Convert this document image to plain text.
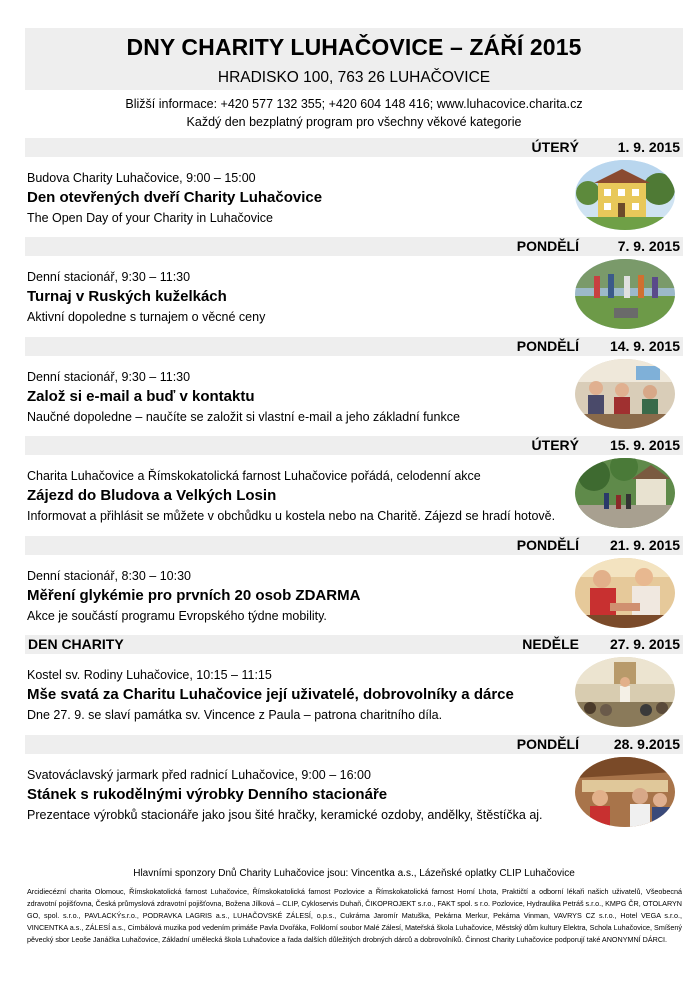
DNY CHARITY LUHAČOVICE – ZÁŘÍ 2015
HRADISKO 100, 763 26 LUHAČOVICE
Bližší informace: +420 577 132 355; +420 604 148 416; www.luhacovice.charita.cz
Každý den bezplatný program pro všechny věkové kategorie
ÚTERÝ	1. 9. 2015
Budova Charity Luhačovice, 9:00 – 15:00
Den otevřených dveří Charity Luhačovice
The Open Day of your Charity in Luhačovice
PONDĚLÍ	7. 9. 2015
Denní stacionář, 9:30 – 11:30
Turnaj v Ruských kuželkách
Aktivní dopoledne s turnajem o věcné ceny
PONDĚLÍ 14. 9. 2015
Denní stacionář, 9:30 – 11:30
Založ si e-mail a buď v kontaktu
Naučné dopoledne – naučíte se založit si vlastní e-mail a jeho základní funkce
ÚTERÝ 15. 9. 2015
Charita Luhačovice a Římskokatolická farnost Luhačovice pořádá, celodenní akce
Zájezd do Bludova a Velkých Losin
Informovat a přihlásit se můžete v obchůdku u kostela nebo na Charitě. Zájezd se hradí hotově.
PONDĚLÍ 21. 9. 2015
Denní stacionář, 8:30 – 10:30
Měření glykémie pro prvních 20 osob ZDARMA
Akce je součástí programu Evropského týdne mobility.
DEN CHARITY	NEDĚLE 27. 9. 2015
Kostel sv. Rodiny Luhačovice, 10:15 – 11:15
Mše svatá za Charitu Luhačovice její uživatelé, dobrovolníky a dárce
Dne 27. 9. se slaví památka sv. Vincence z Paula – patrona charitního díla.
PONDĚLÍ 28. 9.2015
Svatováclavský jarmark před radnicí Luhačovice, 9:00 – 16:00
Stánek s rukodělnými výrobky Denního stacionáře
Prezentace výrobků stacionáře jako jsou šité hračky, keramické ozdoby, andělky, štěstíčka aj.
Hlavními sponzory Dnů Charity Luhačovice jsou: Vincentka a.s., Lázeňské oplatky CLIP Luhačovice
Arcidiecézní charita Olomouc, Římskokatolická farnost Luhačovice, Římskokatolická farnost Pozlovice a Římskokatolická farnost Horní Lhota, Praktičtí a odborní lékaři našich uživatelů, Všeobecná zdravotní pojišťovna, Česká průmyslová zdravotní pojišťovna, Božena Jílková – CLIP, Cykloservis Duhaň, ČIKOPROJEKT s.r.o., FAKT spol. s r.o. Pozlovice, Hydraulika Petráš s.r.o., KMPG ČR, OTOLARYN GO, spol. s.r.o., PAVLACKÝs.r.o., PODRAVKA LAGRIS a.s., LUHAČOVSKÉ ZÁLESÍ, o.p.s., Cukrárna Jaromír Matuška, Pekárna Merkur, Pekárna Vinman, VAVRYS CZ s.r.o., Hotel VEGA s.r.o., VINCENTKA a.s., ZÁLESÍ a.s., Cimbálová muzika pod vedením primáše Pavla Dvořáka, Folklorní soubor Malé Zálesí, Mateřská škola Luhačovice, Městský dům kultury Elektra, Schola Luhačovice, Smíšený pěvecký sbor Leoše Janáčka Luhačovice, Základní umělecká škola Luhačovice a řada dalších důležitých drobných dárců a dobrovolníků. Činnost Charity Luhačovice podporují také ANONYMNÍ DÁRCI.
